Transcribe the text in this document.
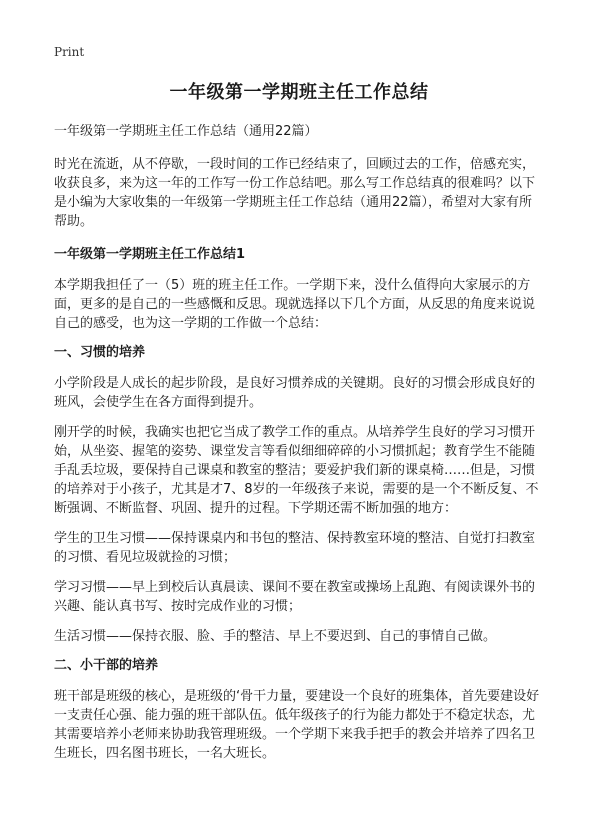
Print
一年级第一学期班主任工作总结
一年级第一学期班主任工作总结（通用22篇）

时光在流逝，从不停歇，一段时间的工作已经结束了，回顾过去的工作，倍感充实，收获良多，来为这一年的工作写一份工作总结吧。那么写工作总结真的很难吗？以下是小编为大家收集的一年级第一学期班主任工作总结（通用22篇），希望对大家有所帮助。

一年级第一学期班主任工作总结1

本学期我担任了一（5）班的班主任工作。一学期下来，没什么值得向大家展示的方面，更多的是自己的一些感慨和反思。现就选择以下几个方面，从反思的角度来说说自己的感受，也为这一学期的工作做一个总结：

一、习惯的培养

小学阶段是人成长的起步阶段，是良好习惯养成的关键期。良好的习惯会形成良好的班风，会使学生在各方面得到提升。

刚开学的时候，我确实也把它当成了教学工作的重点。从培养学生良好的学习习惯开始，从坐姿、握笔的姿势、课堂发言等看似细细碎碎的小习惯抓起；教育学生不能随手乱丢垃圾，要保持自己课桌和教室的整洁；要爱护我们新的课桌椅……但是，习惯的培养对于小孩子，尤其是才7、8岁的一年级孩子来说，需要的是一个不断反复、不断强调、不断监督、巩固、提升的过程。下学期还需不断加强的地方：

学生的卫生习惯——保持课桌内和书包的整洁、保持教室环境的整洁、自觉打扫教室的习惯、看见垃圾就捡的习惯；

学习习惯——早上到校后认真晨读、课间不要在教室或操场上乱跑、有阅读课外书的兴趣、能认真书写、按时完成作业的习惯；

生活习惯——保持衣服、脸、手的整洁、早上不要迟到、自己的事情自己做。

二、小干部的培养

班干部是班级的核心，是班级的‘骨干力量，要建设一个良好的班集体，首先要建设好一支责任心强、能力强的班干部队伍。低年级孩子的行为能力都处于不稳定状态，尤其需要培养小老师来协助我管理班级。一个学期下来我手把手的教会并培养了四名卫生班长，四名图书班长，一名大班长。
